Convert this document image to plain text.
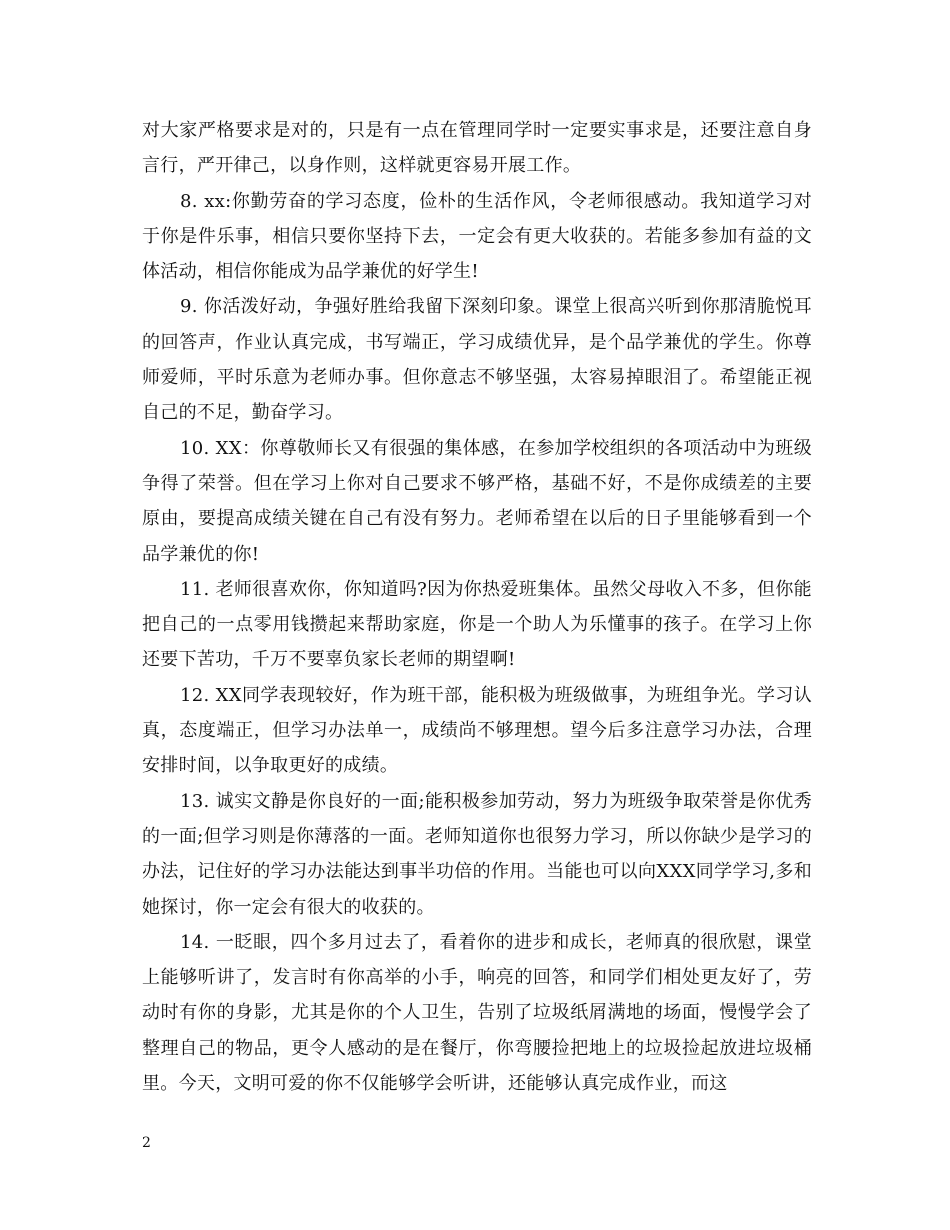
对大家严格要求是对的，只是有一点在管理同学时一定要实事求是，还要注意自身言行，严开律己，以身作则，这样就更容易开展工作。

8. xx:你勤劳奋的学习态度，俭朴的生活作风，令老师很感动。我知道学习对于你是件乐事，相信只要你坚持下去，一定会有更大收获的。若能多参加有益的文体活动，相信你能成为品学兼优的好学生!

9. 你活泼好动，争强好胜给我留下深刻印象。课堂上很高兴听到你那清脆悦耳的回答声，作业认真完成，书写端正，学习成绩优异，是个品学兼优的学生。你尊师爱师，平时乐意为老师办事。但你意志不够坚强，太容易掉眼泪了。希望能正视自己的不足，勤奋学习。

10. XX：你尊敬师长又有很强的集体感，在参加学校组织的各项活动中为班级争得了荣誉。但在学习上你对自己要求不够严格，基础不好，不是你成绩差的主要原由，要提高成绩关键在自己有没有努力。老师希望在以后的日子里能够看到一个品学兼优的你!

11. 老师很喜欢你，你知道吗?因为你热爱班集体。虽然父母收入不多，但你能把自己的一点零用钱攒起来帮助家庭，你是一个助人为乐懂事的孩子。在学习上你还要下苦功，千万不要辜负家长老师的期望啊!

12. XX同学表现较好，作为班干部，能积极为班级做事，为班组争光。学习认真，态度端正，但学习办法单一，成绩尚不够理想。望今后多注意学习办法，合理安排时间，以争取更好的成绩。

13. 诚实文静是你良好的一面;能积极参加劳动，努力为班级争取荣誉是你优秀的一面;但学习则是你薄落的一面。老师知道你也很努力学习，所以你缺少是学习的办法，记住好的学习办法能达到事半功倍的作用。当能也可以向XXX同学学习,多和她探讨，你一定会有很大的收获的。

14. 一眨眼，四个多月过去了，看着你的进步和成长，老师真的很欣慰，课堂上能够听讲了，发言时有你高举的小手，响亮的回答，和同学们相处更友好了，劳动时有你的身影，尤其是你的个人卫生，告别了垃圾纸屑满地的场面，慢慢学会了整理自己的物品，更令人感动的是在餐厅，你弯腰捡把地上的垃圾捡起放进垃圾桶里。今天，文明可爱的你不仅能够学会听讲，还能够认真完成作业，而这

2
